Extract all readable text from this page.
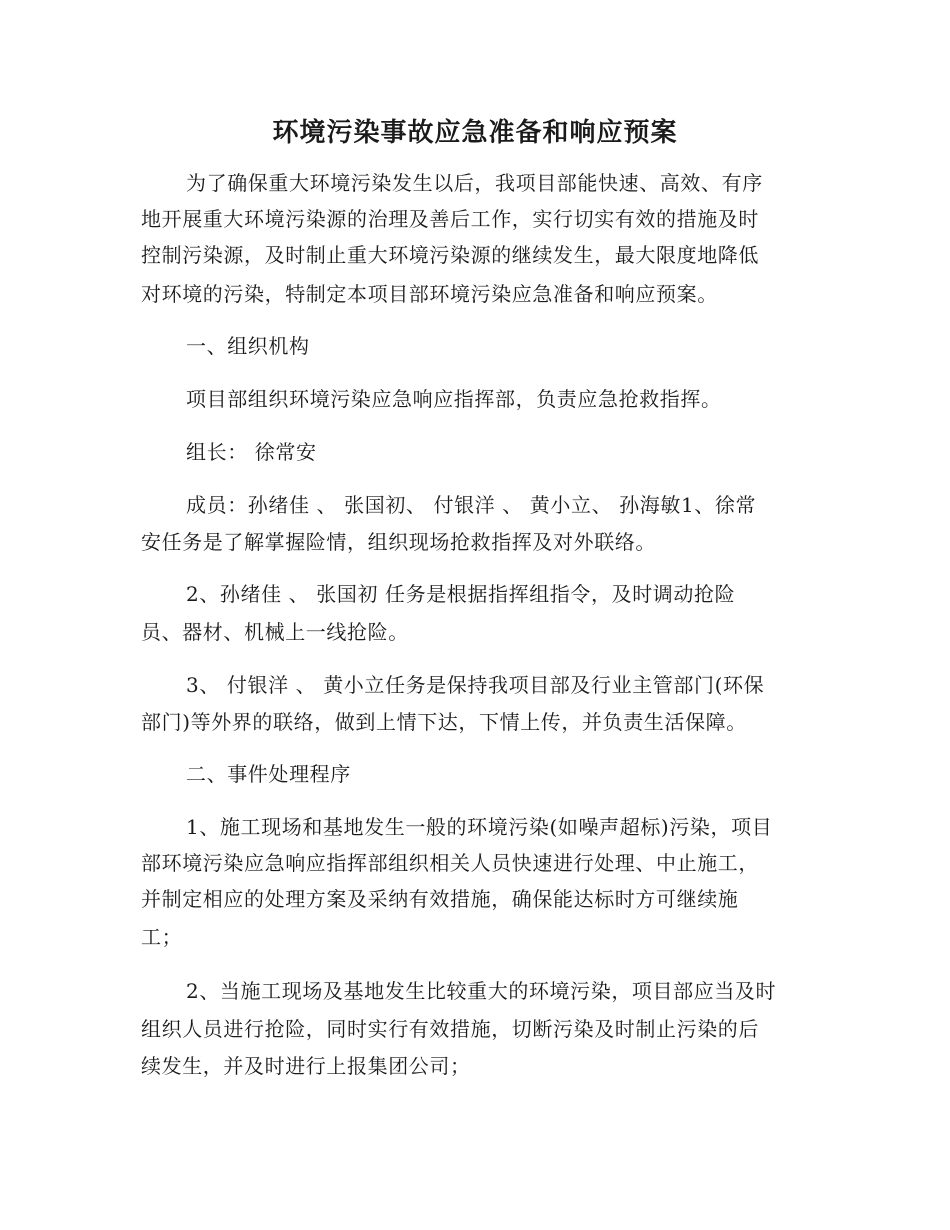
环境污染事故应急准备和响应预案
为了确保重大环境污染发生以后，我项目部能快速、高效、有序
地开展重大环境污染源的治理及善后工作，实行切实有效的措施及时
控制污染源，及时制止重大环境污染源的继续发生，最大限度地降低
对环境的污染，特制定本项目部环境污染应急准备和响应预案。
一、组织机构
项目部组织环境污染应急响应指挥部，负责应急抢救指挥。
组长： 徐常安
成员：孙绪佳 、 张国初、 付银洋 、 黄小立、 孙海敏1、徐常
安任务是了解掌握险情，组织现场抢救指挥及对外联络。
2、孙绪佳 、 张国初 任务是根据指挥组指令，及时调动抢险
员、器材、机械上一线抢险。
3、 付银洋 、 黄小立任务是保持我项目部及行业主管部门(环保
部门)等外界的联络，做到上情下达，下情上传，并负责生活保障。
二、事件处理程序
1、施工现场和基地发生一般的环境污染(如噪声超标)污染，项目
部环境污染应急响应指挥部组织相关人员快速进行处理、中止施工，
并制定相应的处理方案及采纳有效措施，确保能达标时方可继续施
工；
2、当施工现场及基地发生比较重大的环境污染，项目部应当及时
组织人员进行抢险，同时实行有效措施，切断污染及时制止污染的后
续发生，并及时进行上报集团公司；
